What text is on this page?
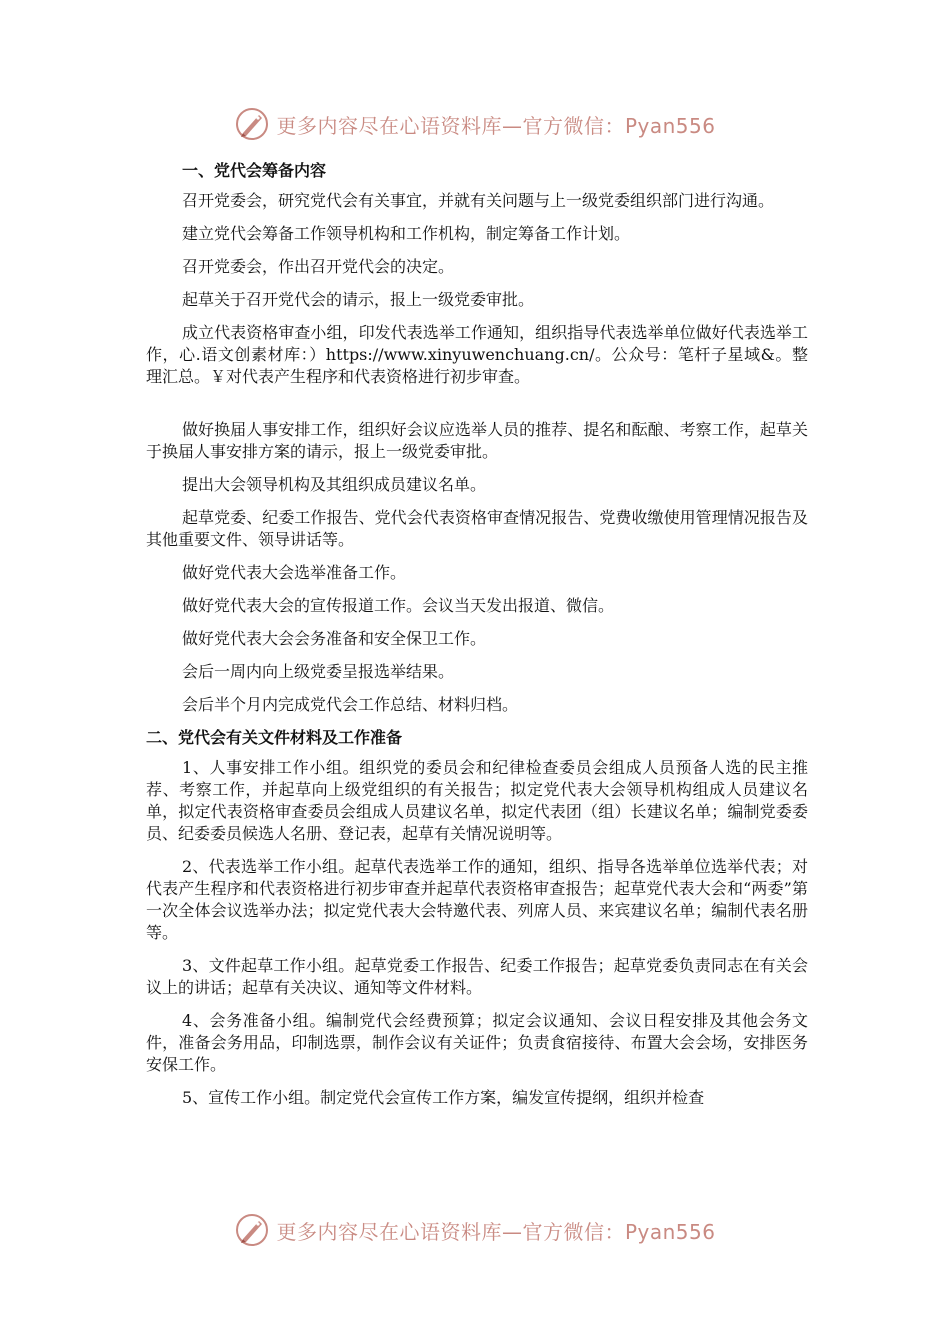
更多内容尽在心语资料库—官方微信：Pyan556
一、党代会筹备内容

召开党委会，研究党代会有关事宜，并就有关问题与上一级党委组织部门进行沟通。

建立党代会筹备工作领导机构和工作机构，制定筹备工作计划。

召开党委会，作出召开党代会的决定。

起草关于召开党代会的请示，报上一级党委审批。

成立代表资格审查小组，印发代表选举工作通知，组织指导代表选举单位做好代表选举工作，心.语文创素材库：）https://www.xinyuwenchuang.cn/。公众号：笔杆子星域&。整理汇总。￥对代表产生程序和代表资格进行初步审查。

做好换届人事安排工作，组织好会议应选举人员的推荐、提名和酝酿、考察工作，起草关于换届人事安排方案的请示，报上一级党委审批。

提出大会领导机构及其组织成员建议名单。

起草党委、纪委工作报告、党代会代表资格审查情况报告、党费收缴使用管理情况报告及其他重要文件、领导讲话等。

做好党代表大会选举准备工作。

做好党代表大会的宣传报道工作。会议当天发出报道、微信。

做好党代表大会会务准备和安全保卫工作。

会后一周内向上级党委呈报选举结果。

会后半个月内完成党代会工作总结、材料归档。

二、党代会有关文件材料及工作准备

1、人事安排工作小组。组织党的委员会和纪律检查委员会组成人员预备人选的民主推荐、考察工作，并起草向上级党组织的有关报告；拟定党代表大会领导机构组成人员建议名单，拟定代表资格审查委员会组成人员建议名单，拟定代表团（组）长建议名单；编制党委委员、纪委委员候选人名册、登记表，起草有关情况说明等。

2、代表选举工作小组。起草代表选举工作的通知，组织、指导各选举单位选举代表；对代表产生程序和代表资格进行初步审查并起草代表资格审查报告；起草党代表大会和“两委”第一次全体会议选举办法；拟定党代表大会特邀代表、列席人员、来宾建议名单；编制代表名册等。

3、文件起草工作小组。起草党委工作报告、纪委工作报告；起草党委负责同志在有关会议上的讲话；起草有关决议、通知等文件材料。

4、会务准备小组。编制党代会经费预算；拟定会议通知、会议日程安排及其他会务文件，准备会务用品，印制选票，制作会议有关证件；负责食宿接待、布置大会会场，安排医务安保工作。

5、宣传工作小组。制定党代会宣传工作方案，编发宣传提纲，组织并检查

更多内容尽在心语资料库—官方微信：Pyan556
